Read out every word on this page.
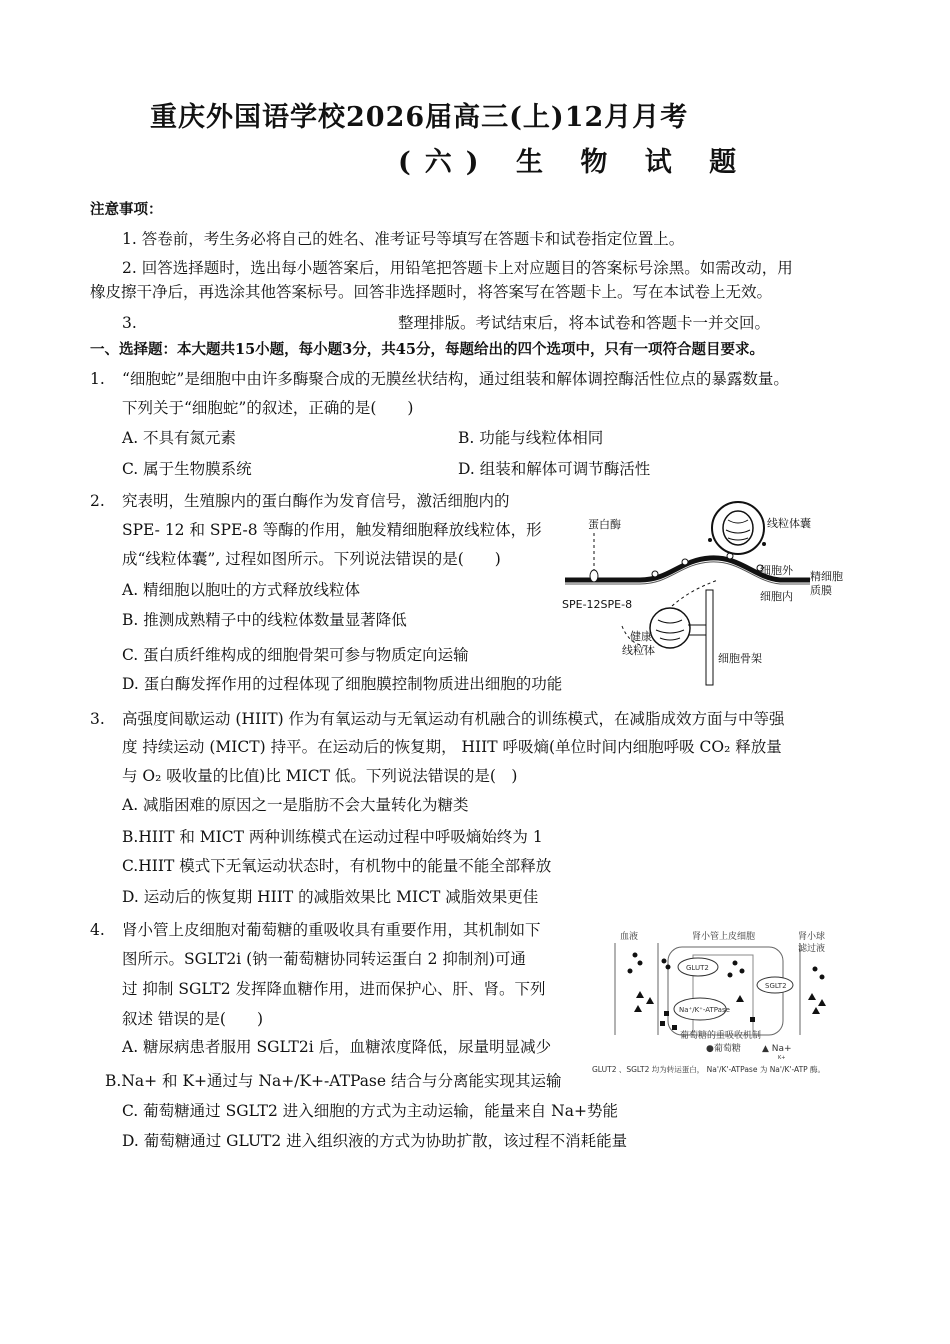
重庆外国语学校2026届高三(上)12月月考
(六) 生 物 试 题
注意事项：
1. 答卷前，考生务必将自己的姓名、准考证号等填写在答题卡和试卷指定位置上。
2. 回答选择题时，选出每小题答案后，用铅笔把答题卡上对应题目的答案标号涂黑。如需改动，用
橡皮擦干净后，再选涂其他答案标号。回答非选择题时，将答案写在答题卡上。写在本试卷上无效。
3.	整理排版。考试结束后，将本试卷和答题卡一并交回。
一、选择题：本大题共15小题，每小题3分，共45分，每题给出的四个选项中，只有一项符合题目要求。
1. “细胞蛇”是细胞中由许多酶聚合成的无膜丝状结构，通过组装和解体调控酶活性位点的暴露数量。
下列关于“细胞蛇”的叙述，正确的是(　　)
A. 不具有氮元素	B. 功能与线粒体相同
C. 属于生物膜系统	D. 组装和解体可调节酶活性
2. 究表明，生殖腺内的蛋白酶作为发育信号，激活细胞内的
SPE- 12 和 SPE-8 等酶的作用，触发精细胞释放线粒体，形
成“线粒体囊”, 过程如图所示。下列说法错误的是(　　)
A. 精细胞以胞吐的方式释放线粒体
B. 推测成熟精子中的线粒体数量显著降低
C. 蛋白质纤维构成的细胞骨架可参与物质定向运输
D. 蛋白酶发挥作用的过程体现了细胞膜控制物质进出细胞的功能
蛋白酶	线粒体囊
细胞外 精细胞
质膜
细胞内
SPE-12SPE-8
健康
线粒体
细胞骨架
3. 高强度间歇运动 (HIIT) 作为有氧运动与无氧运动有机融合的训练模式，在减脂成效方面与中等强
度 持续运动 (MICT) 持平。在运动后的恢复期， HIIT 呼吸熵(单位时间内细胞呼吸 CO₂ 释放量
与 O₂ 吸收量的比值)比 MICT 低。下列说法错误的是(　)
A. 减脂困难的原因之一是脂肪不会大量转化为糖类
B.HIIT 和 MICT 两种训练模式在运动过程中呼吸熵始终为 1
C.HIIT 模式下无氧运动状态时，有机物中的能量不能全部释放
D. 运动后的恢复期 HIIT 的减脂效果比 MICT 减脂效果更佳
4. 肾小管上皮细胞对葡萄糖的重吸收具有重要作用，其机制如下
图所示。SGLT2i (钠一葡萄糖协同转运蛋白 2 抑制剂)可通
过 抑制 SGLT2 发挥降血糖作用，进而保护心、肝、肾。下列
叙述 错误的是(　　)
A. 糖尿病患者服用 SGLT2i 后，血糖浓度降低，尿量明显减少
B.Na+ 和 K+通过与 Na+/K+-ATPase 结合与分离能实现其运输
C. 葡萄糖通过 SGLT2 进入细胞的方式为主动运输，能量来自 Na+势能
D. 葡萄糖通过 GLUT2 进入组织液的方式为协助扩散，该过程不消耗能量
血液	肾小管上皮细胞	肾小球
滤过液
GLUT2
SGLT2
Na⁺/K⁺-ATPase
葡萄糖的重吸收机制
●葡萄糖 ▲ Na+
K+
GLUT2 、SGLT2 均为转运蛋白， Na'/K'-ATPase 为 Na'/K'-ATP 酶。
